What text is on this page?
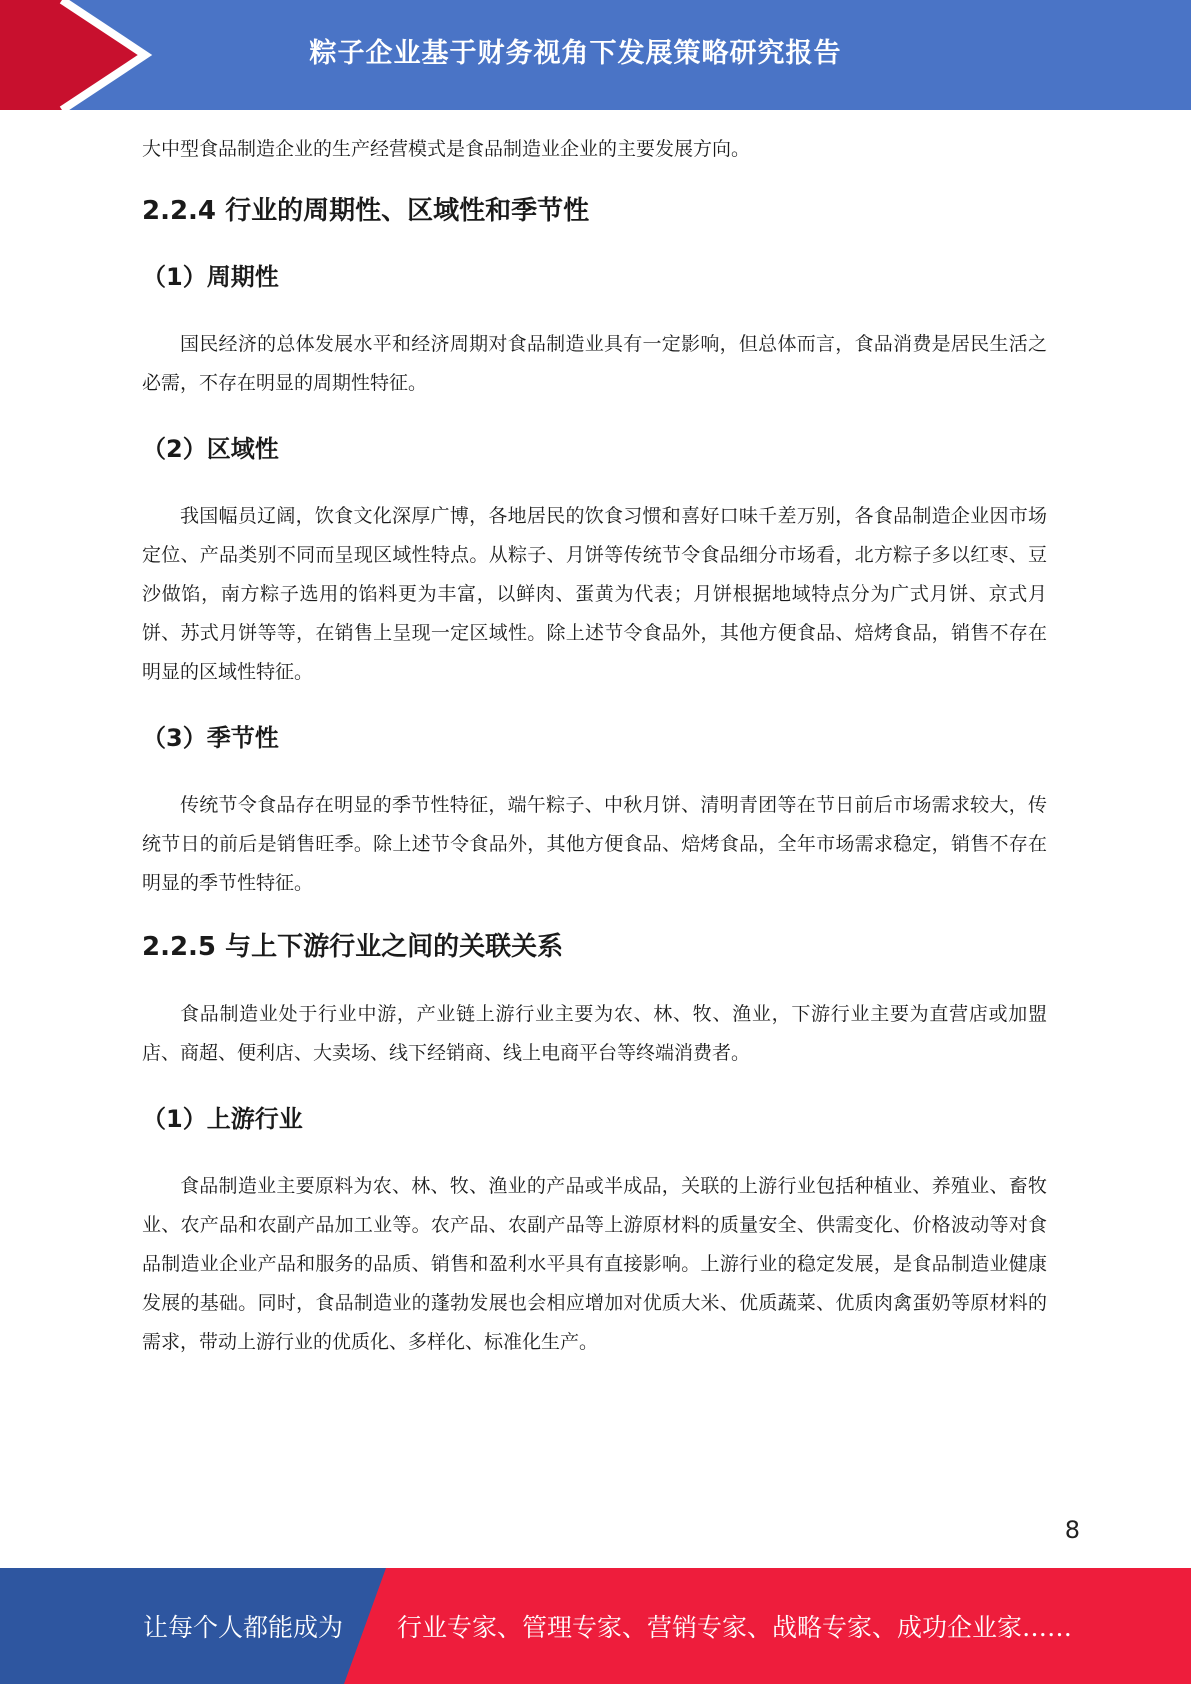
粽子企业基于财务视角下发展策略研究报告

大中型食品制造企业的生产经营模式是食品制造业企业的主要发展方向。

2.2.4 行业的周期性、区域性和季节性
（1）周期性

国民经济的总体发展水平和经济周期对食品制造业具有一定影响，但总体而言，食品消费是居民生活之必需，不存在明显的周期性特征。

（2）区域性

我国幅员辽阔，饮食文化深厚广博，各地居民的饮食习惯和喜好口味千差万别，各食品制造企业因市场定位、产品类别不同而呈现区域性特点。从粽子、月饼等传统节令食品细分市场看，北方粽子多以红枣、豆沙做馅，南方粽子选用的馅料更为丰富，以鲜肉、蛋黄为代表；月饼根据地域特点分为广式月饼、京式月饼、苏式月饼等等，在销售上呈现一定区域性。除上述节令食品外，其他方便食品、焙烤食品，销售不存在明显的区域性特征。

（3）季节性

传统节令食品存在明显的季节性特征，端午粽子、中秋月饼、清明青团等在节日前后市场需求较大，传统节日的前后是销售旺季。除上述节令食品外，其他方便食品、焙烤食品，全年市场需求稳定，销售不存在明显的季节性特征。

2.2.5 与上下游行业之间的关联关系

食品制造业处于行业中游，产业链上游行业主要为农、林、牧、渔业，下游行业主要为直营店或加盟店、商超、便利店、大卖场、线下经销商、线上电商平台等终端消费者。

（1）上游行业

食品制造业主要原料为农、林、牧、渔业的产品或半成品，关联的上游行业包括种植业、养殖业、畜牧业、农产品和农副产品加工业等。农产品、农副产品等上游原材料的质量安全、供需变化、价格波动等对食品制造业企业产品和服务的品质、销售和盈利水平具有直接影响。上游行业的稳定发展，是食品制造业健康发展的基础。同时，食品制造业的蓬勃发展也会相应增加对优质大米、优质蔬菜、优质肉禽蛋奶等原材料的需求，带动上游行业的优质化、多样化、标准化生产。

8
让每个人都能成为 行业专家、管理专家、营销专家、战略专家、成功企业家……
